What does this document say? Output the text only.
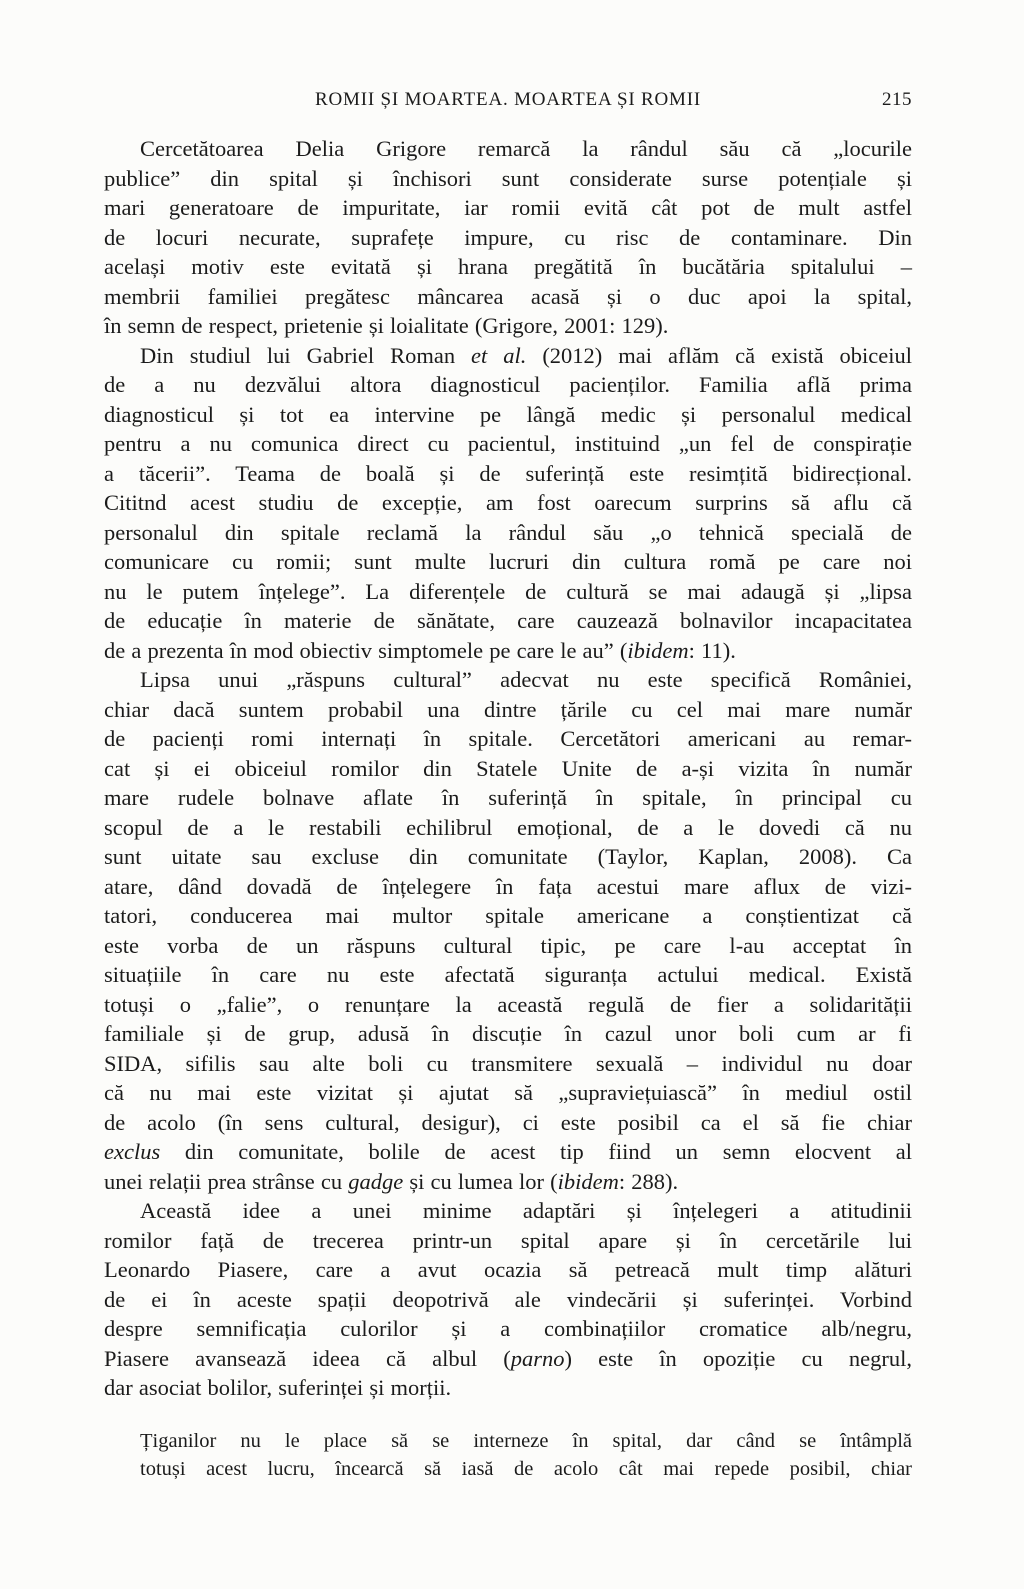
ROMII ȘI MOARTEA. MOARTEA ȘI ROMII	215
Cercetătoarea Delia Grigore remarcă la rândul său că „locurile
publice” din spital și închisori sunt considerate surse potențiale și
mari generatoare de impuritate, iar romii evită cât pot de mult astfel
de locuri necurate, suprafețe impure, cu risc de contaminare. Din
același motiv este evitată și hrana pregătită în bucătăria spitalului –
membrii familiei pregătesc mâncarea acasă și o duc apoi la spital,
în semn de respect, prietenie și loialitate (Grigore, 2001: 129).
Din studiul lui Gabriel Roman et al. (2012) mai aflăm că există obiceiul
de a nu dezvălui altora diagnosticul pacienților. Familia află prima
diagnosticul și tot ea intervine pe lângă medic și personalul medical
pentru a nu comunica direct cu pacientul, instituind „un fel de conspirație
a tăcerii”. Teama de boală și de suferință este resimțită bidirecțional.
Cititnd acest studiu de excepție, am fost oarecum surprins să aflu că
personalul din spitale reclamă la rândul său „o tehnică specială de
comunicare cu romii; sunt multe lucruri din cultura romă pe care noi
nu le putem înțelege”. La diferențele de cultură se mai adaugă și „lipsa
de educație în materie de sănătate, care cauzează bolnavilor incapacitatea
de a prezenta în mod obiectiv simptomele pe care le au” (ibidem: 11).
Lipsa unui „răspuns cultural” adecvat nu este specifică României,
chiar dacă suntem probabil una dintre țările cu cel mai mare număr
de pacienți romi internați în spitale. Cercetători americani au remar-
cat și ei obiceiul romilor din Statele Unite de a-și vizita în număr
mare rudele bolnave aflate în suferință în spitale, în principal cu
scopul de a le restabili echilibrul emoțional, de a le dovedi că nu
sunt uitate sau excluse din comunitate (Taylor, Kaplan, 2008). Ca
atare, dând dovadă de înțelegere în fața acestui mare aflux de vizi-
tatori, conducerea mai multor spitale americane a conștientizat că
este vorba de un răspuns cultural tipic, pe care l-au acceptat în
situațiile în care nu este afectată siguranța actului medical. Există
totuși o „falie”, o renunțare la această regulă de fier a solidarității
familiale și de grup, adusă în discuție în cazul unor boli cum ar fi
SIDA, sifilis sau alte boli cu transmitere sexuală – individul nu doar
că nu mai este vizitat și ajutat să „supraviețuiască” în mediul ostil
de acolo (în sens cultural, desigur), ci este posibil ca el să fie chiar
exclus din comunitate, bolile de acest tip fiind un semn elocvent al
unei relații prea strânse cu gadge și cu lumea lor (ibidem: 288).
Această idee a unei minime adaptări și înțelegeri a atitudinii
romilor față de trecerea printr-un spital apare și în cercetările lui
Leonardo Piasere, care a avut ocazia să petreacă mult timp alături
de ei în aceste spații deopotrivă ale vindecării și suferinței. Vorbind
despre semnificația culorilor și a combinațiilor cromatice alb/negru,
Piasere avansează ideea că albul (parno) este în opoziție cu negrul,
dar asociat bolilor, suferinței și morții.
Țiganilor nu le place să se interneze în spital, dar când se întâmplă
totuși acest lucru, încearcă să iasă de acolo cât mai repede posibil, chiar
